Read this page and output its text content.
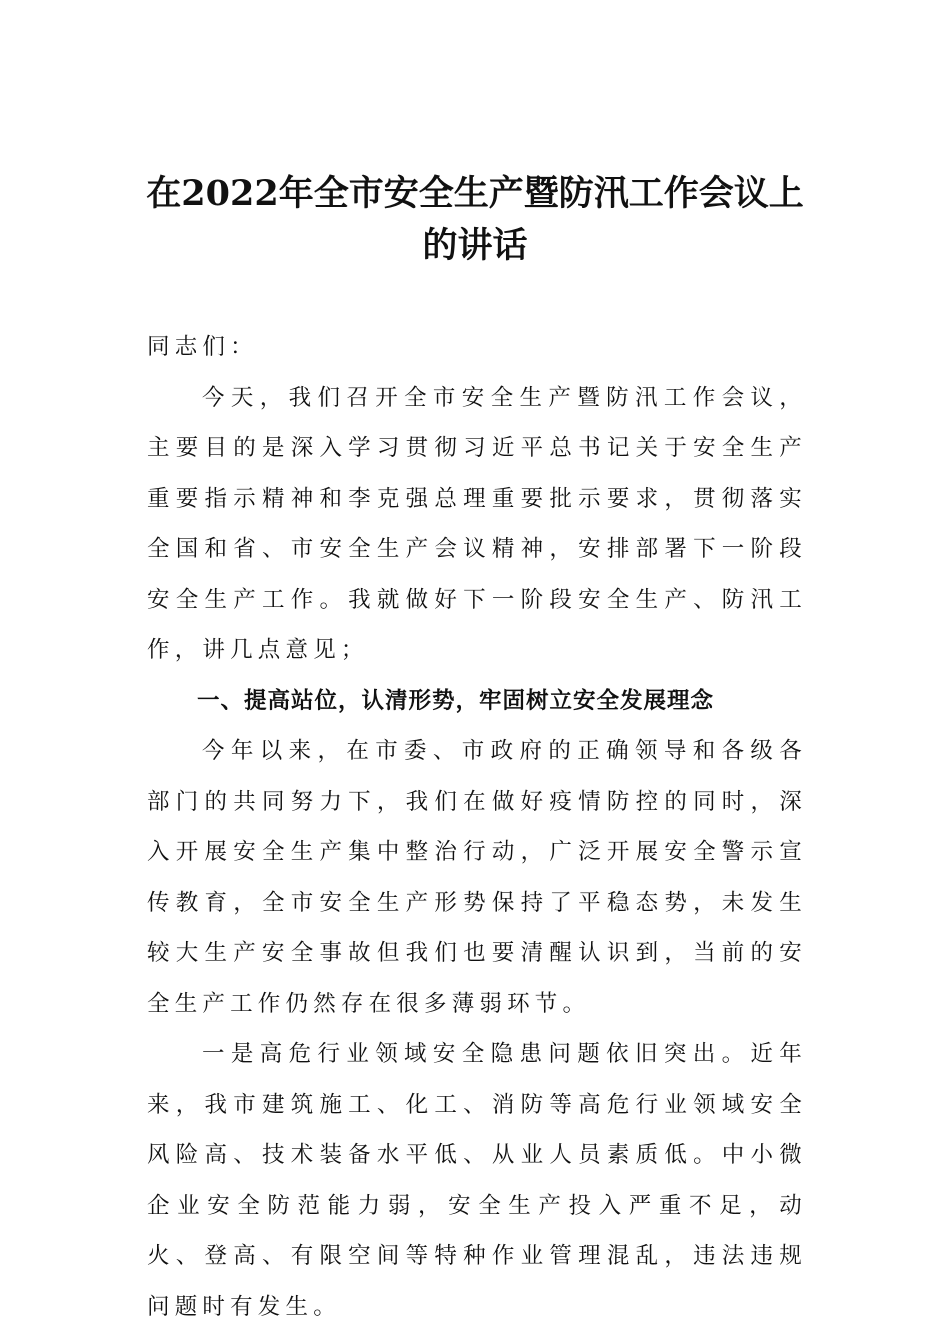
在2022年全市安全生产暨防汛工作会议上
的讲话

同志们：

今天，我们召开全市安全生产暨防汛工作会议，主要目的是深入学习贯彻习近平总书记关于安全生产重要指示精神和李克强总理重要批示要求，贯彻落实全国和省、市安全生产会议精神，安排部署下一阶段安全生产工作。我就做好下一阶段安全生产、防汛工作，讲几点意见；

一、提高站位，认清形势，牢固树立安全发展理念

今年以来，在市委、市政府的正确领导和各级各部门的共同努力下，我们在做好疫情防控的同时，深入开展安全生产集中整治行动，广泛开展安全警示宣传教育，全市安全生产形势保持了平稳态势，未发生较大生产安全事故但我们也要清醒认识到，当前的安全生产工作仍然存在很多薄弱环节。

一是高危行业领域安全隐患问题依旧突出。近年来，我市建筑施工、化工、消防等高危行业领域安全风险高、技术装备水平低、从业人员素质低。中小微企业安全防范能力弱，安全生产投入严重不足，动火、登高、有限空间等特种作业管理混乱，违法违规问题时有发生。
